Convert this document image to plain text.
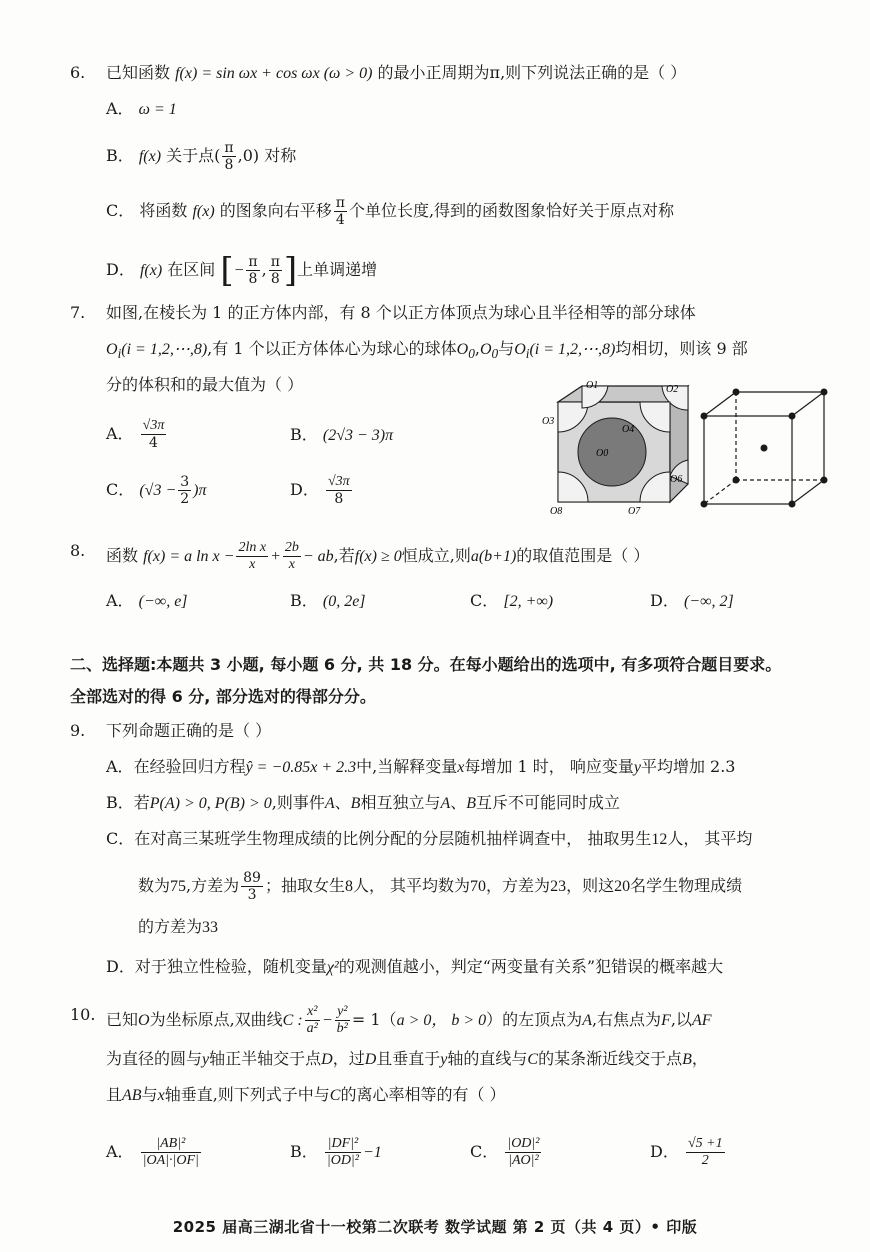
6. 已知函数 f(x) = sin ωx + cos ωx (ω > 0) 的最小正周期为π,则下列说法正确的是（ ）
A． ω = 1
B． f(x) 关于点( $\frac{\pi}{8} ,0$) 对称
C． 将函数 f(x) 的图象向右平移 $\frac{\pi}{4}$ 个单位长度,得到的函数图象恰好关于原点对称
D． f(x) 在区间 [− $\frac{\pi}{8}$ , $\frac{\pi}{8}$ ]上单调递增
7. 如图,在棱长为 1 的正方体内部，有 8 个以正方体顶点为球心且半径相等的部分球体
$O_i(i$ = 1,2,⋯,8),有 1 个以正方体体心为球心的球体$O_0,O_0$与$O_i(i$ = 1,2,⋯,8)均相切，则该 9 部
分的体积和的最大值为（ ）
A． $\frac{√3\pi}{4}$	B． (2√3 − 3)π
C． $(√3 - \frac{3}{2} )\pi$	D． $\frac{√3\pi}{8}$
O1	O2
O3
O4
O0
O6
O7
O8
8. 函数 f(x) = a $\ln x - \frac{\text{2ln x}}{x} + \frac{2b}{x}$ − ab,若f(x) ≥ 0恒成立,则a(b+1)的取值范围是（ ）
A． (−∞, e]	B． (0, 2e]	C． [2, +∞)	D． (−∞, 2]
二、选择题:本题共 3 小题, 每小题 6 分, 共 18 分。在每小题给出的选项中, 有多项符合题目要求。
全部选对的得 6 分, 部分选对的得部分分。
9. 下列命题正确的是（ ）
A．在经验回归方程ŷ = −0.85x + 2.3中,当解释变量x每增加 1 时， 响应变量y平均增加 2.3
B．若P(A) > 0, P(B) > 0,则事件A、B相互独立与A、B互斥不可能同时成立
C．在对高三某班学生物理成绩的比例分配的分层随机抽样调查中， 抽取男生12人， 其平均
数为75,方差为 $\frac{89}{3}$ ；抽取女生8人， 其平均数为70，方差为23，则这20名学生物理成绩
的方差为33
D．对于独立性检验，随机变量χ²的观测值越小，判定“两变量有关系”犯错误的概率越大
10. 已知O为坐标原点,双曲线C : $\frac{\text{x²}}{\text{a²}} - \frac{\text{y²}}{\text{b²}} = 1(a > 0$， b > 0）的左顶点为A,右焦点为F,以AF
为直径的圆与y轴正半轴交于点D，过D且垂直于y轴的直线与C的某条渐近线交于点B，
且AB与x轴垂直,则下列式子中与C的离心率相等的有（ ）
A． $\frac{\text{|AB|²}}{|OA|\cdot|OF|}$	B． $\frac{\text{|DF|²}}{\text{|OD|²}} -1$	C． $\frac{\text{|OD|²}}{\text{|AO|²}}$	D． $\frac{√5 +1}{2}$
2025 届高三湖北省十一校第二次联考 数学试题 第 2 页（共 4 页）• 印版
